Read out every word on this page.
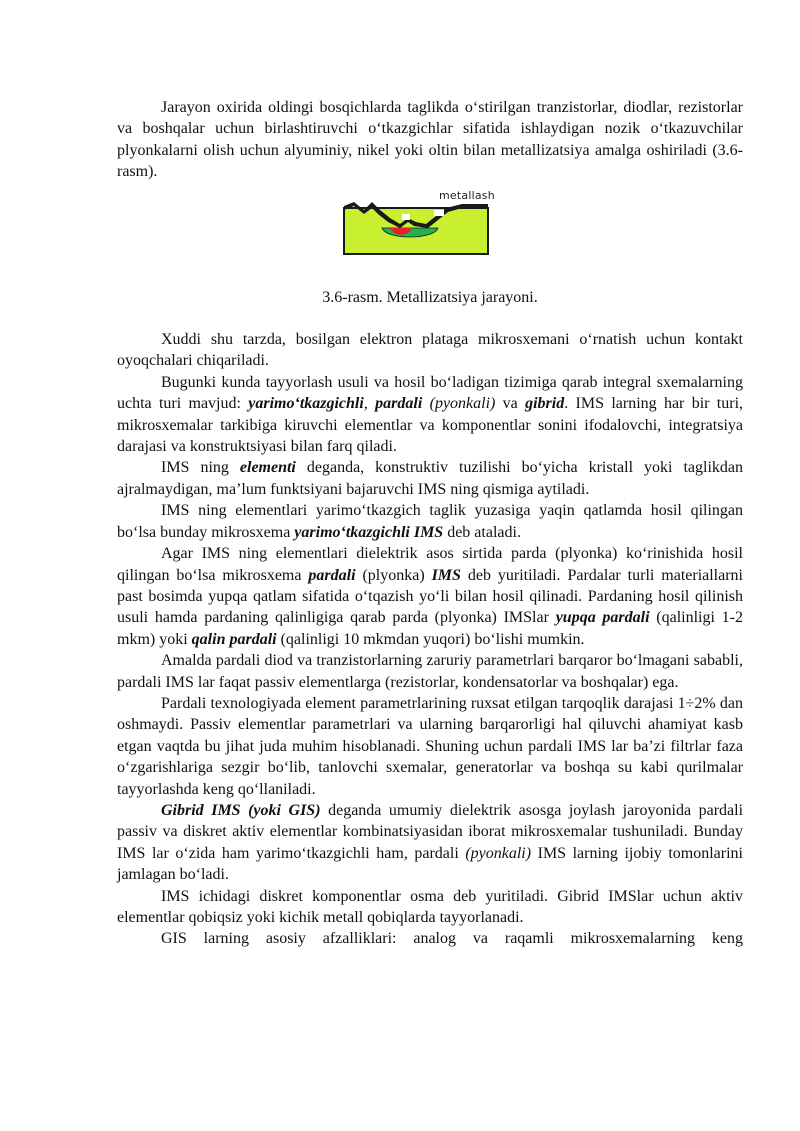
Jarayon oxirida oldingi bosqichlarda taglikda o‘stirilgan tranzistorlar, diodlar, rezistorlar va boshqalar uchun birlashtiruvchi o‘tkazgichlar sifatida ishlaydigan nozik o‘tkazuvchilar plyonkalarni olish uchun alyuminiy, nikel yoki oltin bilan metallizatsiya amalga oshiriladi (3.6-rasm).

metallash

3.6-rasm. Metallizatsiya jarayoni.

Xuddi shu tarzda, bosilgan elektron plataga mikrosxemani o‘rnatish uchun kontakt oyoqchalari chiqariladi.

Bugunki kunda tayyorlash usuli va hosil bo‘ladigan tizimiga qarab integral sxemalarning uchta turi mavjud: yarimo‘tkazgichli, pardali (pyonkali) va gibrid. IMS larning har bir turi, mikrosxemalar tarkibiga kiruvchi elementlar va komponentlar sonini ifodalovchi, integratsiya darajasi va konstruktsiyasi bilan farq qiladi.

IMS ning elementi deganda, konstruktiv tuzilishi bo‘yicha kristall yoki taglikdan ajralmaydigan, ma’lum funktsiyani bajaruvchi IMS ning qismiga aytiladi.

IMS ning elementlari yarimo‘tkazgich taglik yuzasiga yaqin qatlamda hosil qilingan bo‘lsa bunday mikrosxema yarimo‘tkazgichli IMS deb ataladi.

Agar IMS ning elementlari dielektrik asos sirtida parda (plyonka) ko‘rinishida hosil qilingan bo‘lsa mikrosxema pardali (plyonka) IMS deb yuritiladi. Pardalar turli materiallarni past bosimda yupqa qatlam sifatida o‘tqazish yo‘li bilan hosil qilinadi. Pardaning hosil qilinish usuli hamda pardaning qalinligiga qarab parda (plyonka) IMSlar yupqa pardali (qalinligi 1-2 mkm) yoki qalin pardali (qalinligi 10 mkmdan yuqori) bo‘lishi mumkin.

Amalda pardali diod va tranzistorlarning zaruriy parametrlari barqaror bo‘lmagani sababli, pardali IMS lar faqat passiv elementlarga (rezistorlar, kondensatorlar va boshqalar) ega.

Pardali texnologiyada element parametrlarining ruxsat etilgan tarqoqlik darajasi 1÷2% dan oshmaydi. Passiv elementlar parametrlari va ularning barqarorligi hal qiluvchi ahamiyat kasb etgan vaqtda bu jihat juda muhim hisoblanadi. Shuning uchun pardali IMS lar ba’zi filtrlar faza o‘zgarishlariga sezgir bo‘lib, tanlovchi sxemalar, generatorlar va boshqa su kabi qurilmalar tayyorlashda keng qo‘llaniladi.

Gibrid IMS (yoki GIS) deganda umumiy dielektrik asosga joylash jaroyonida pardali passiv va diskret aktiv elementlar kombinatsiyasidan iborat mikrosxemalar tushuniladi. Bunday IMS lar o‘zida ham yarimo‘tkazgichli ham, pardali (pyonkali) IMS larning ijobiy tomonlarini jamlagan bo‘ladi.

IMS ichidagi diskret komponentlar osma deb yuritiladi. Gibrid IMSlar uchun aktiv elementlar qobiqsiz yoki kichik metall qobiqlarda tayyorlanadi.

GIS larning asosiy afzalliklari: analog va raqamli mikrosxemalarning keng
